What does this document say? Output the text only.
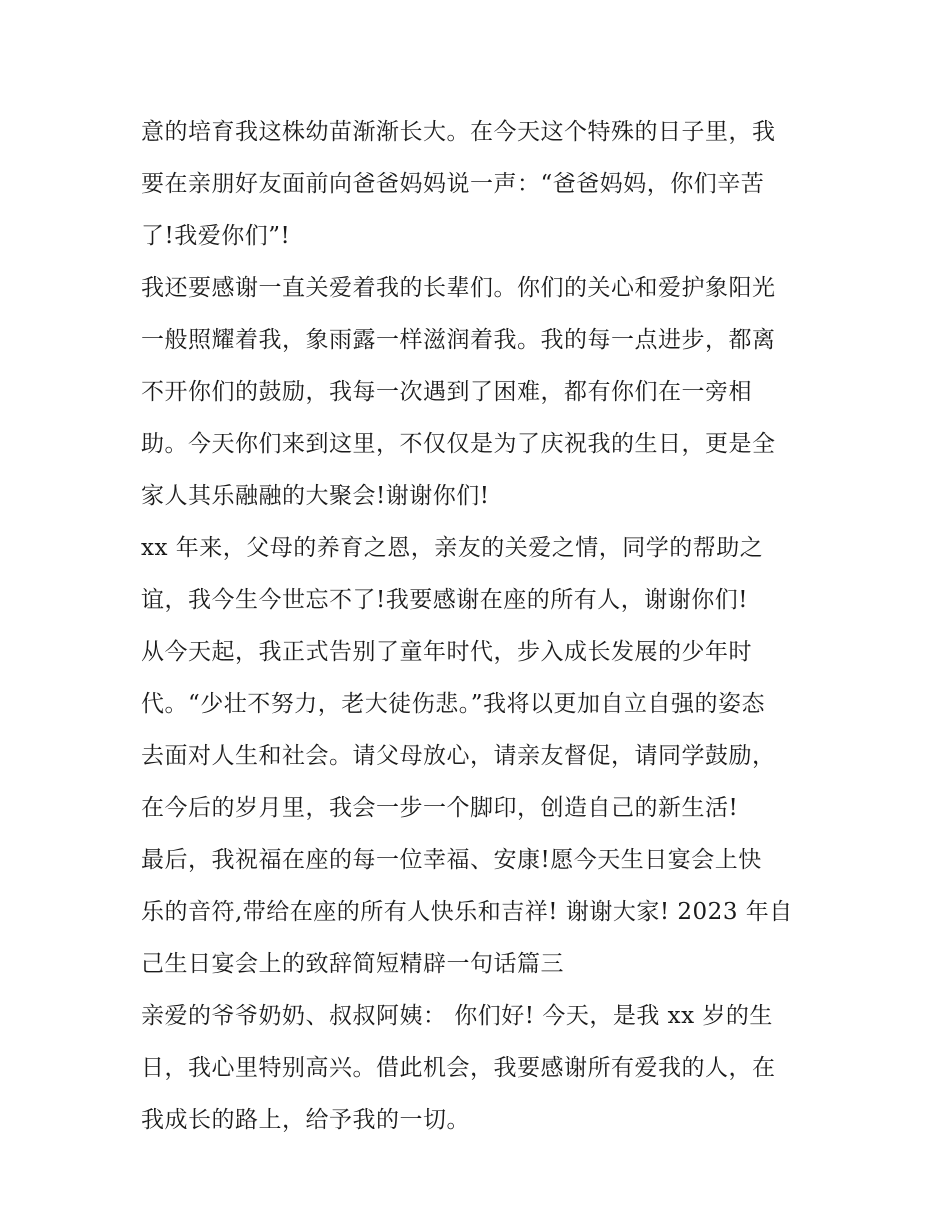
意的培育我这株幼苗渐渐长大。在今天这个特殊的日子里，我
要在亲朋好友面前向爸爸妈妈说一声：“爸爸妈妈，你们辛苦
了!我爱你们”!
我还要感谢一直关爱着我的长辈们。你们的关心和爱护象阳光
一般照耀着我，象雨露一样滋润着我。我的每一点进步，都离
不开你们的鼓励，我每一次遇到了困难，都有你们在一旁相
助。今天你们来到这里，不仅仅是为了庆祝我的生日，更是全
家人其乐融融的大聚会!谢谢你们!
xx 年来，父母的养育之恩，亲友的关爱之情，同学的帮助之
谊，我今生今世忘不了!我要感谢在座的所有人，谢谢你们!
从今天起，我正式告别了童年时代，步入成长发展的少年时
代。“少壮不努力，老大徒伤悲。”我将以更加自立自强的姿态
去面对人生和社会。请父母放心，请亲友督促，请同学鼓励，
在今后的岁月里，我会一步一个脚印，创造自己的新生活!
最后，我祝福在座的每一位幸福、安康!愿今天生日宴会上快
乐的音符,带给在座的所有人快乐和吉祥! 谢谢大家! 2023 年自
己生日宴会上的致辞简短精辟一句话篇三
亲爱的爷爷奶奶、叔叔阿姨： 你们好! 今天，是我 xx 岁的生
日，我心里特别高兴。借此机会，我要感谢所有爱我的人，在
我成长的路上，给予我的一切。
